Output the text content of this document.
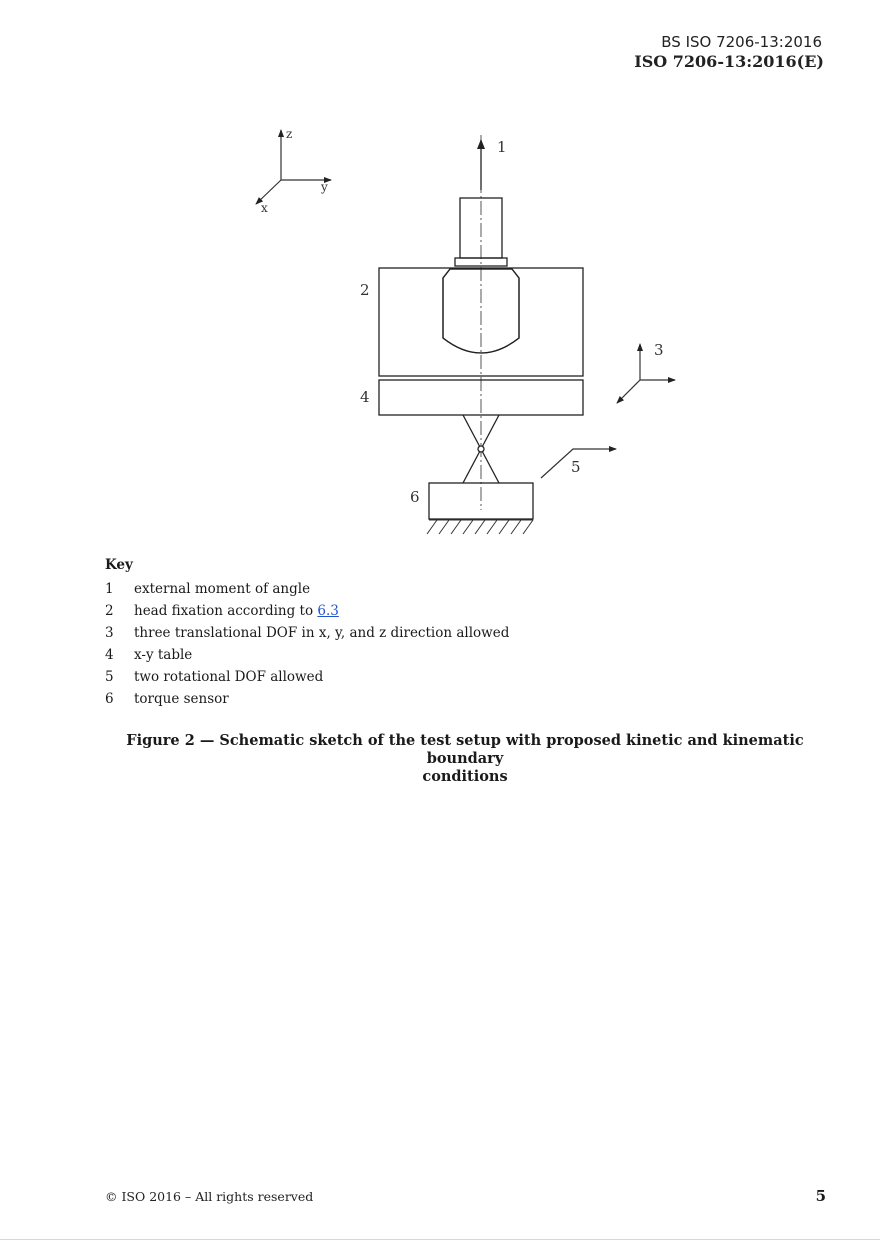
BS ISO 7206-13:2016
ISO 7206-13:2016(E)
z
y
x
1
2
4
3
5
6
Key
1 external moment of angle
2 head fixation according to 6.3
3 three translational DOF in x, y, and z direction allowed
4 x-y table
5 two rotational DOF allowed
6 torque sensor
Figure 2 — Schematic sketch of the test setup with proposed kinetic and kinematic boundary
conditions
© ISO 2016 – All rights reserved	5
